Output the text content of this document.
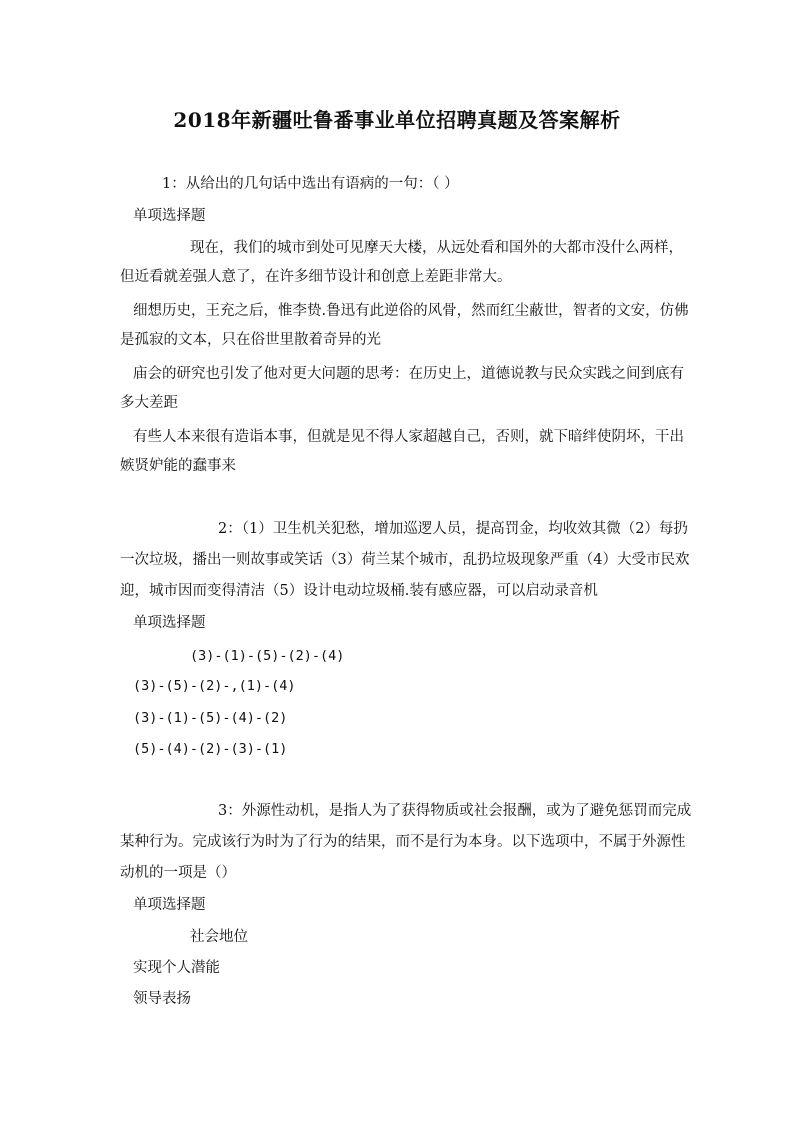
2018年新疆吐鲁番事业单位招聘真题及答案解析

1：从给出的几句话中选出有语病的一句：（ ）

单项选择题

现在，我们的城市到处可见摩天大楼，从远处看和国外的大都市没什么两样，

但近看就差强人意了，在许多细节设计和创意上差距非常大。

细想历史，王充之后，惟李贽.鲁迅有此逆俗的风骨，然而红尘蔽世，智者的文安，仿佛

是孤寂的文本，只在俗世里散着奇异的光

庙会的研究也引发了他对更大问题的思考：在历史上，道德说教与民众实践之间到底有

多大差距

有些人本来很有造诣本事，但就是见不得人家超越自己，否则，就下暗绊使阴坏，干出

嫉贤妒能的蠢事来

2：（1）卫生机关犯愁，增加巡逻人员，提高罚金，均收效其微（2）每扔

一次垃圾，播出一则故事或笑话（3）荷兰某个城市，乱扔垃圾现象严重（4）大受市民欢

迎，城市因而变得清洁（5）设计电动垃圾桶.装有感应器，可以启动录音机

单项选择题

(3)-(1)-(5)-(2)-(4)

(3)-(5)-(2)-,(1)-(4)

(3)-(1)-(5)-(4)-(2)

(5)-(4)-(2)-(3)-(1)

3：外源性动机，是指人为了获得物质或社会报酬，或为了避免惩罚而完成

某种行为。完成该行为时为了行为的结果，而不是行为本身。以下选项中，不属于外源性

动机的一项是（）

单项选择题

社会地位

实现个人潜能

领导表扬
